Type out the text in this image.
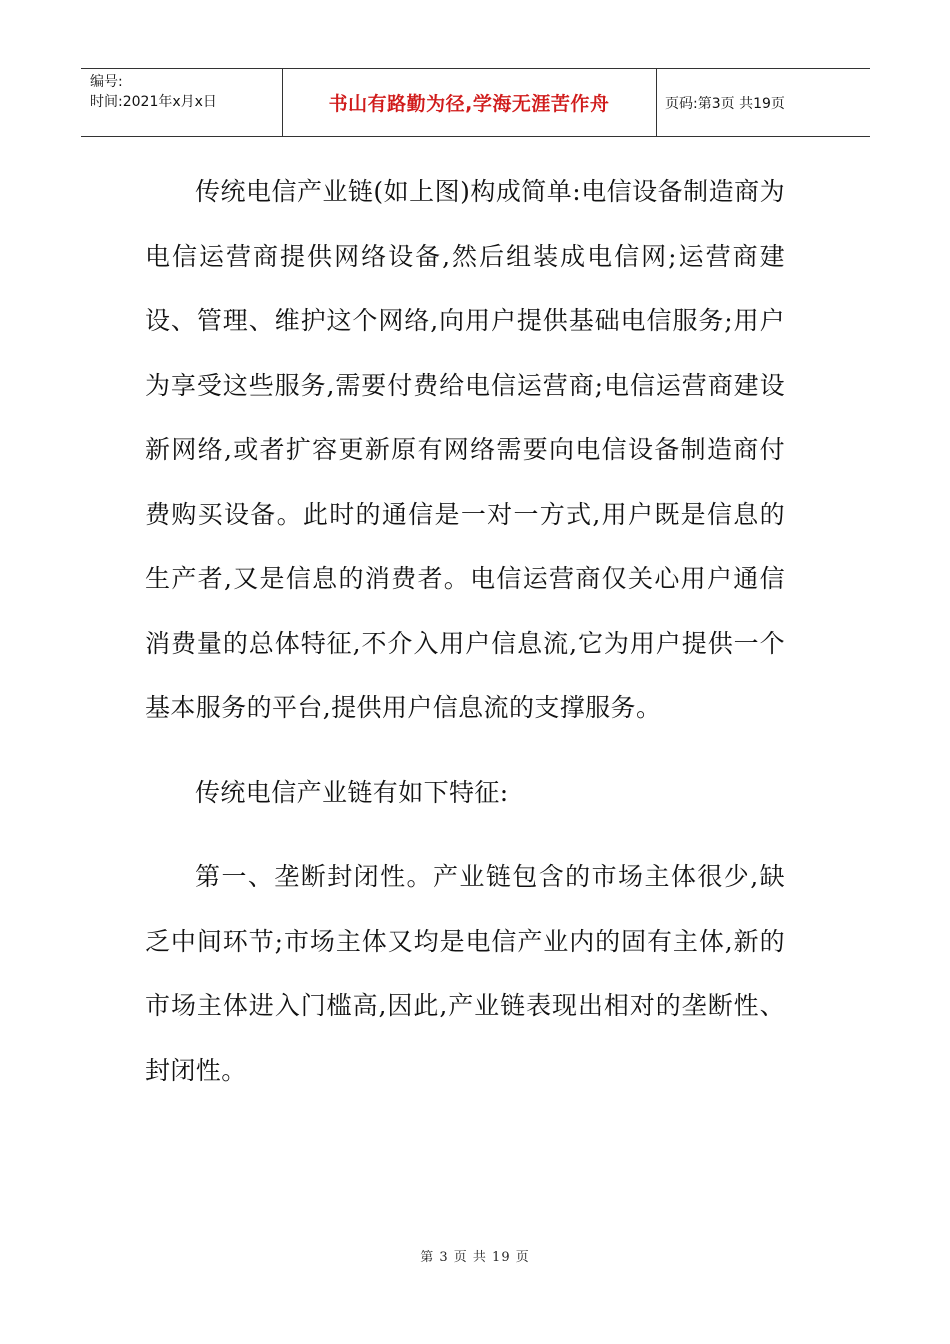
编号:
时间:2021年x月x日	书山有路勤为径,学海无涯苦作舟	页码:第3页 共19页

传统电信产业链(如上图)构成简单:电信设备制造商为电信运营商提供网络设备,然后组装成电信网;运营商建设、管理、维护这个网络,向用户提供基础电信服务;用户为享受这些服务,需要付费给电信运营商;电信运营商建设新网络,或者扩容更新原有网络需要向电信设备制造商付费购买设备。此时的通信是一对一方式,用户既是信息的生产者,又是信息的消费者。电信运营商仅关心用户通信消费量的总体特征,不介入用户信息流,它为用户提供一个基本服务的平台,提供用户信息流的支撑服务。

传统电信产业链有如下特征:

第一、垄断封闭性。产业链包含的市场主体很少,缺乏中间环节;市场主体又均是电信产业内的固有主体,新的市场主体进入门槛高,因此,产业链表现出相对的垄断性、封闭性。

第 3 页 共 19 页
